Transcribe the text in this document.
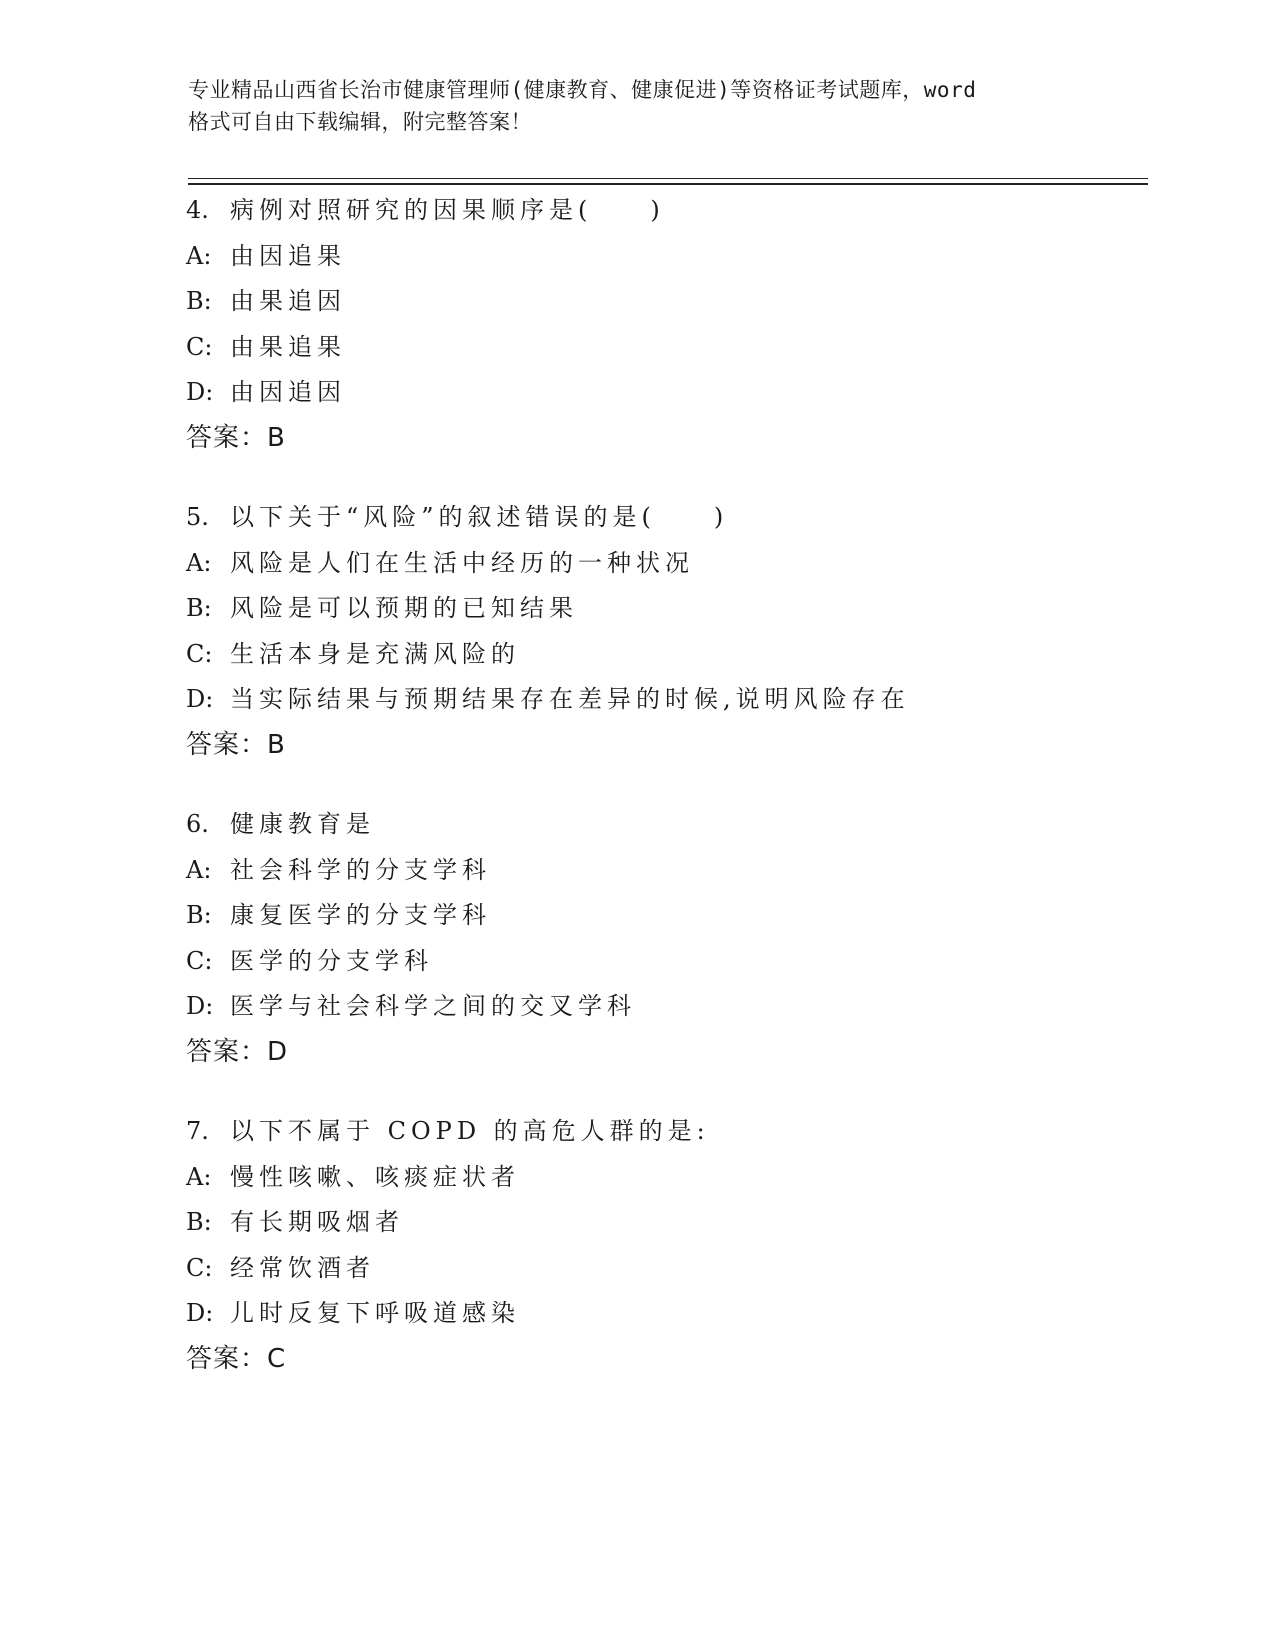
专业精品山西省长治市健康管理师(健康教育、健康促进)等资格证考试题库，word
格式可自由下载编辑，附完整答案！
4. 病例对照研究的因果顺序是(　　)
A: 由因追果
B: 由果追因
C: 由果追果
D: 由因追因
答案：B
5. 以下关于“风险”的叙述错误的是(　　)
A: 风险是人们在生活中经历的一种状况
B: 风险是可以预期的已知结果
C: 生活本身是充满风险的
D: 当实际结果与预期结果存在差异的时候,说明风险存在
答案：B
6. 健康教育是
A: 社会科学的分支学科
B: 康复医学的分支学科
C: 医学的分支学科
D: 医学与社会科学之间的交叉学科
答案：D
7. 以下不属于 COPD 的高危人群的是:
A: 慢性咳嗽、咳痰症状者
B: 有长期吸烟者
C: 经常饮酒者
D: 儿时反复下呼吸道感染
答案：C
